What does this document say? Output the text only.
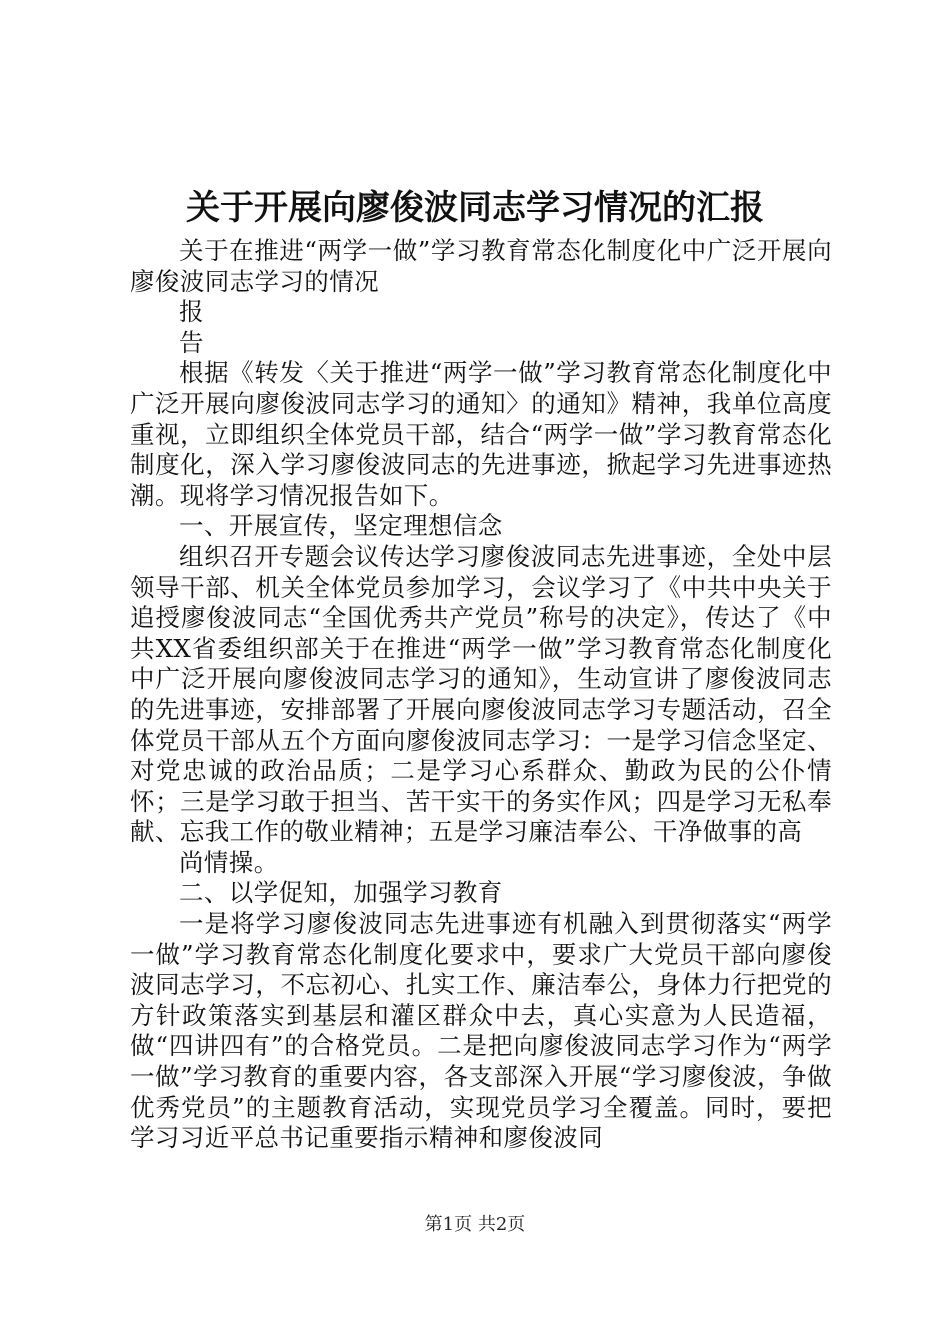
关于开展向廖俊波同志学习情况的汇报

关于在推进“两学一做”学习教育常态化制度化中广泛开展向廖俊波同志学习的情况

报

告

根据《转发〈关于推进“两学一做”学习教育常态化制度化中广泛开展向廖俊波同志学习的通知〉的通知》精神，我单位高度重视，立即组织全体党员干部，结合“两学一做”学习教育常态化制度化，深入学习廖俊波同志的先进事迹，掀起学习先进事迹热潮。现将学习情况报告如下。

一、开展宣传，坚定理想信念

组织召开专题会议传达学习廖俊波同志先进事迹，全处中层领导干部、机关全体党员参加学习，会议学习了《中共中央关于追授廖俊波同志“全国优秀共产党员”称号的决定》，传达了《中共XX省委组织部关于在推进“两学一做”学习教育常态化制度化中广泛开展向廖俊波同志学习的通知》，生动宣讲了廖俊波同志的先进事迹，安排部署了开展向廖俊波同志学习专题活动，召全体党员干部从五个方面向廖俊波同志学习：一是学习信念坚定、对党忠诚的政治品质；二是学习心系群众、勤政为民的公仆情怀；三是学习敢于担当、苦干实干的务实作风；四是学习无私奉献、忘我工作的敬业精神；五是学习廉洁奉公、干净做事的高

尚情操。

二、以学促知，加强学习教育

一是将学习廖俊波同志先进事迹有机融入到贯彻落实“两学一做”学习教育常态化制度化要求中，要求广大党员干部向廖俊波同志学习，不忘初心、扎实工作、廉洁奉公，身体力行把党的方针政策落实到基层和灌区群众中去，真心实意为人民造福，做“四讲四有”的合格党员。二是把向廖俊波同志学习作为“两学一做”学习教育的重要内容，各支部深入开展“学习廖俊波，争做优秀党员”的主题教育活动，实现党员学习全覆盖。同时，要把学习习近平总书记重要指示精神和廖俊波同

第1页 共2页
